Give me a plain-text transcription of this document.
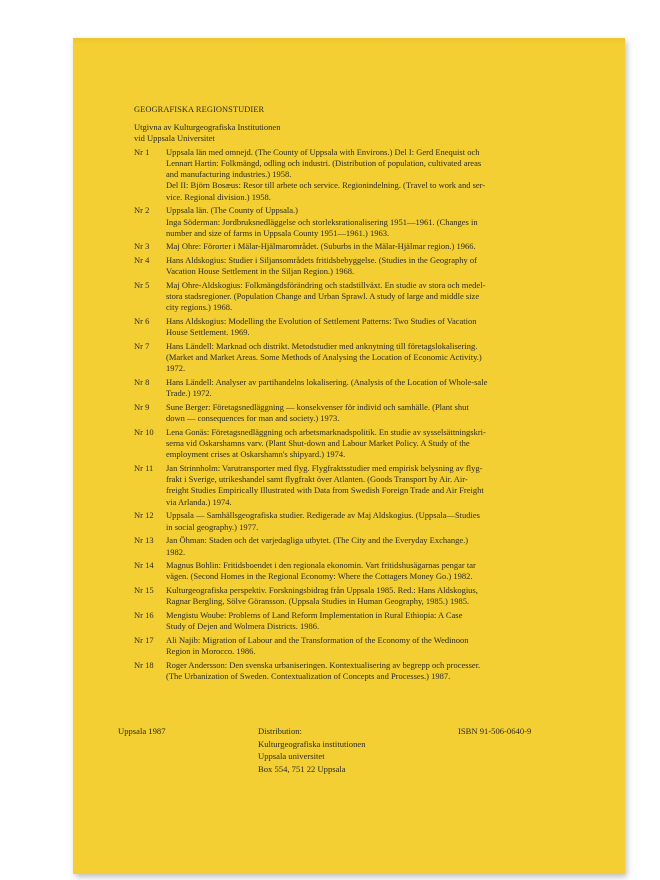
GEOGRAFISKA REGIONSTUDIER
Utgivna av Kulturgeografiska Institutionen
vid Uppsala Universitet
Nr 1	Uppsala län med omnejd. (The County of Uppsala with Environs.) Del I: Gerd Enequist och
Lennart Hartin: Folkmängd, odling och industri. (Distribution of population, cultivated areas
and manufacturing industries.) 1958.
Del II: Björn Bosæus: Resor till arbete och service. Regionindelning. (Travel to work and ser-
vice. Regional division.) 1958.
Nr 2	Uppsala län. (The County of Uppsala.)
Inga Söderman: Jordbruksnedläggelse och storleksrationalisering 1951—1961. (Changes in
number and size of farms in Uppsala County 1951—1961.) 1963.
Nr 3	Maj Ohre: Förorter i Mälar-Hjälmarområdet. (Suburbs in the Mälar-Hjälmar region.) 1966.
Nr 4	Hans Aldskogius: Studier i Siljansområdets fritidsbebyggelse. (Studies in the Geography of
Vacation House Settlement in the Siljan Region.) 1968.
Nr 5	Maj Ohre-Aldskogius: Folkmängdsförändring och stadstillväxt. En studie av stora och medel-
stora stadsregioner. (Population Change and Urban Sprawl. A study of large and middle size
city regions.) 1968.
Nr 6	Hans Aldskogius: Modelling the Evolution of Settlement Patterns: Two Studies of Vacation
House Settlement. 1969.
Nr 7	Hans Ländell: Marknad och distrikt. Metodstudier med anknytning till företagslokalisering.
(Market and Market Areas. Some Methods of Analysing the Location of Economic Activity.)
1972.
Nr 8	Hans Ländell: Analyser av partihandelns lokalisering. (Analysis of the Location of Whole-sale
Trade.) 1972.
Nr 9	Sune Berger: Företagsnedläggning — konsekvenser för individ och samhälle. (Plant shut
down — consequences for man and society.) 1973.
Nr 10	Lena Gonäs: Företagsnedläggning och arbetsmarknadspolitik. En studie av sysselsättningskri-
serna vid Oskarshamns varv. (Plant Shut-down and Labour Market Policy. A Study of the
employment crises at Oskarshamn's shipyard.) 1974.
Nr 11	Jan Strinnholm: Varutransporter med flyg. Flygfraktsstudier med empirisk belysning av flyg-
frakt i Sverige, utrikeshandel samt flygfrakt över Atlanten. (Goods Transport by Air. Air-
freight Studies Empirically Illustrated with Data from Swedish Foreign Trade and Air Freight
via Arlanda.) 1974.
Nr 12	Uppsala — Samhällsgeografiska studier. Redigerade av Maj Aldskogius. (Uppsala—Studies
in social geography.) 1977.
Nr 13	Jan Öhman: Staden och det varjedagliga utbytet. (The City and the Everyday Exchange.)
1982.
Nr 14	Magnus Bohlin: Fritidsboendet i den regionala ekonomin. Vart fritidshusägarnas pengar tar
vägen. (Second Homes in the Regional Economy: Where the Cottagers Money Go.) 1982.
Nr 15	Kulturgeografiska perspektiv. Forskningsbidrag från Uppsala 1985. Red.: Hans Aldskogius,
Ragnar Bergling, Sölve Göransson. (Uppsala Studies in Human Geography, 1985.) 1985.
Nr 16	Mengistu Woube: Problems of Land Reform Implementation in Rural Ethiopia: A Case
Study of Dejen and Wolmera Districts. 1986.
Nr 17	Ali Najib: Migration of Labour and the Transformation of the Economy of the Wedinoon
Region in Morocco. 1986.
Nr 18	Roger Andersson: Den svenska urbaniseringen. Kontextualisering av begrepp och processer.
(The Urbanization of Sweden. Contextualization of Concepts and Processes.) 1987.
Uppsala 1987	Distribution:
Kulturgeografiska institutionen
Uppsala universitet
Box 554, 751 22 Uppsala
ISBN 91-506-0640-9
